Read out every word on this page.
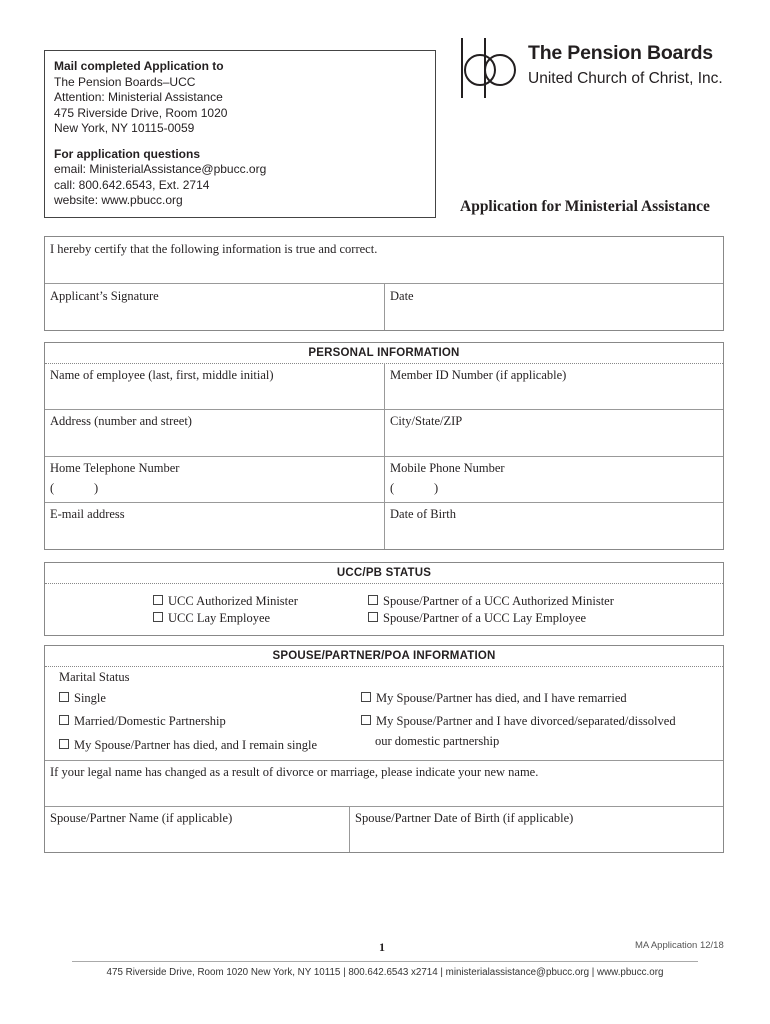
Mail completed Application to
The Pension Boards–UCC
Attention: Ministerial Assistance
475 Riverside Drive, Room 1020
New York, NY 10115-0059
For application questions
email: MinisterialAssistance@pbucc.org
call: 800.642.6543, Ext. 2714
website: www.pbucc.org
The Pension Boards
United Church of Christ, Inc.
Application for Ministerial Assistance
I hereby certify that the following information is true and correct.
Applicant’s Signature	Date
PERSONAL INFORMATION
Name of employee (last, first, middle initial)	Member ID Number (if applicable)
Address (number and street)	City/State/ZIP
Home Telephone Number	Mobile Phone Number
(	)	(	)
E-mail address	Date of Birth
UCC/PB STATUS
UCC Authorized Minister
UCC Lay Employee
Spouse/Partner of a UCC Authorized Minister
Spouse/Partner of a UCC Lay Employee
SPOUSE/PARTNER/POA INFORMATION
Marital Status
Single
Married/Domestic Partnership
My Spouse/Partner has died, and I remain single
My Spouse/Partner has died, and I have remarried
My Spouse/Partner and I have divorced/separated/dissolved
our domestic partnership
If your legal name has changed as a result of divorce or marriage, please indicate your new name.
Spouse/Partner Name (if applicable)	Spouse/Partner Date of Birth (if applicable)
1	MA Application 12/18
475 Riverside Drive, Room 1020 New York, NY 10115 | 800.642.6543 x2714 | ministerialassistance@pbucc.org | www.pbucc.org
